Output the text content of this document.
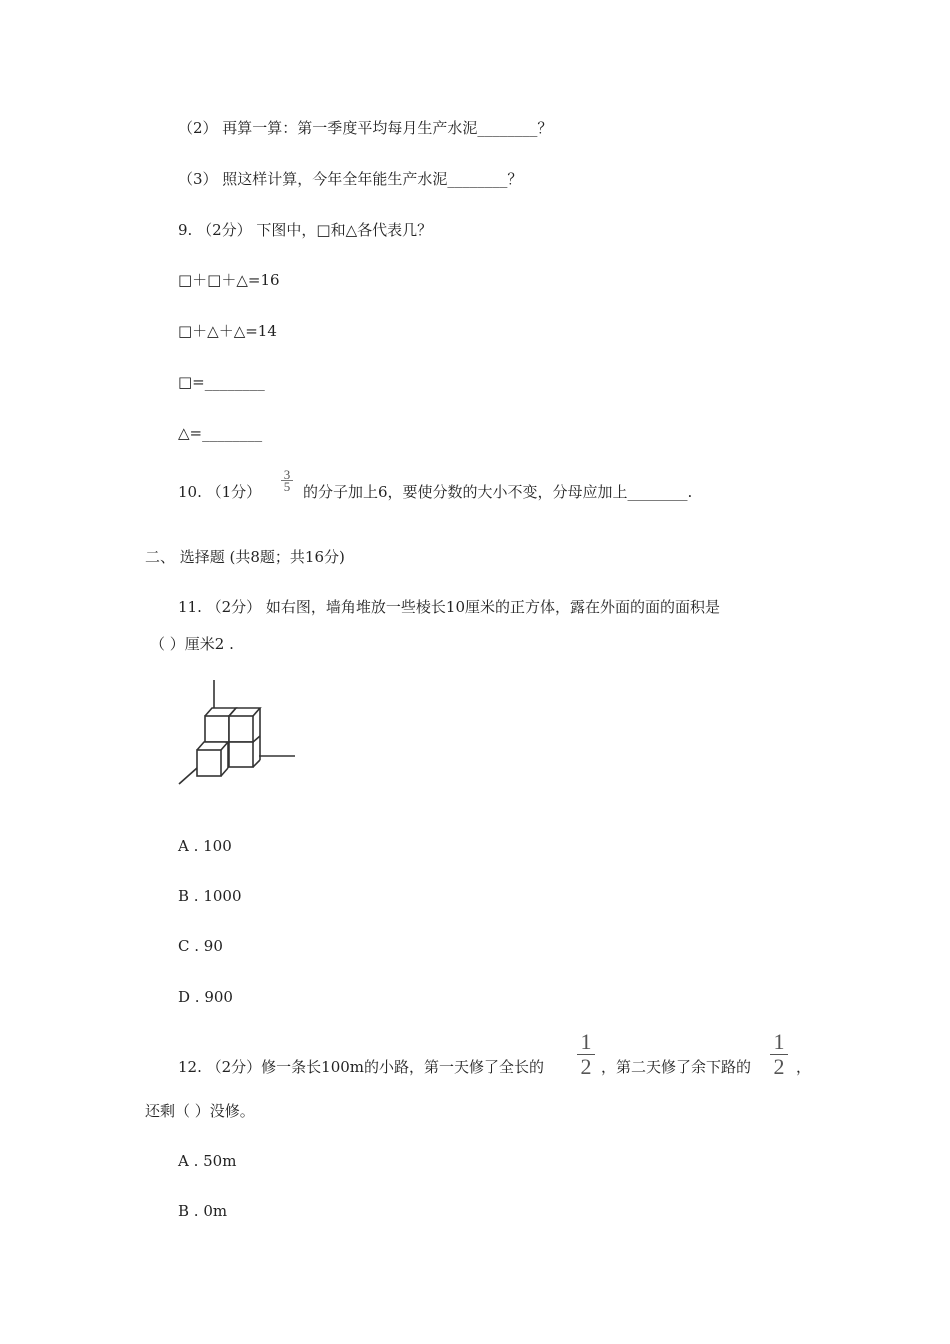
（2） 再算一算：第一季度平均每月生产水泥________？
（3） 照这样计算，今年全年能生产水泥________？
9. （2分） 下图中，□和△各代表几？
□＋□＋△=16
□＋△＋△=14
□=________
△=________
10. （1分）
3
5 的分子加上6，要使分数的大小不变，分母应加上________.
二、 选择题 (共8题；共16分)
11. （2分） 如右图，墙角堆放一些棱长10厘米的正方体，露在外面的面的面积是
（ ）厘米2 .
A . 100
B . 1000
C . 90
D . 900
12. （2分）修一条长100m的小路，第一天修了全长的
1
2 ，第二天修了余下路的
1
2 ，
还剩（ ）没修。
A . 50m
B . 0m
